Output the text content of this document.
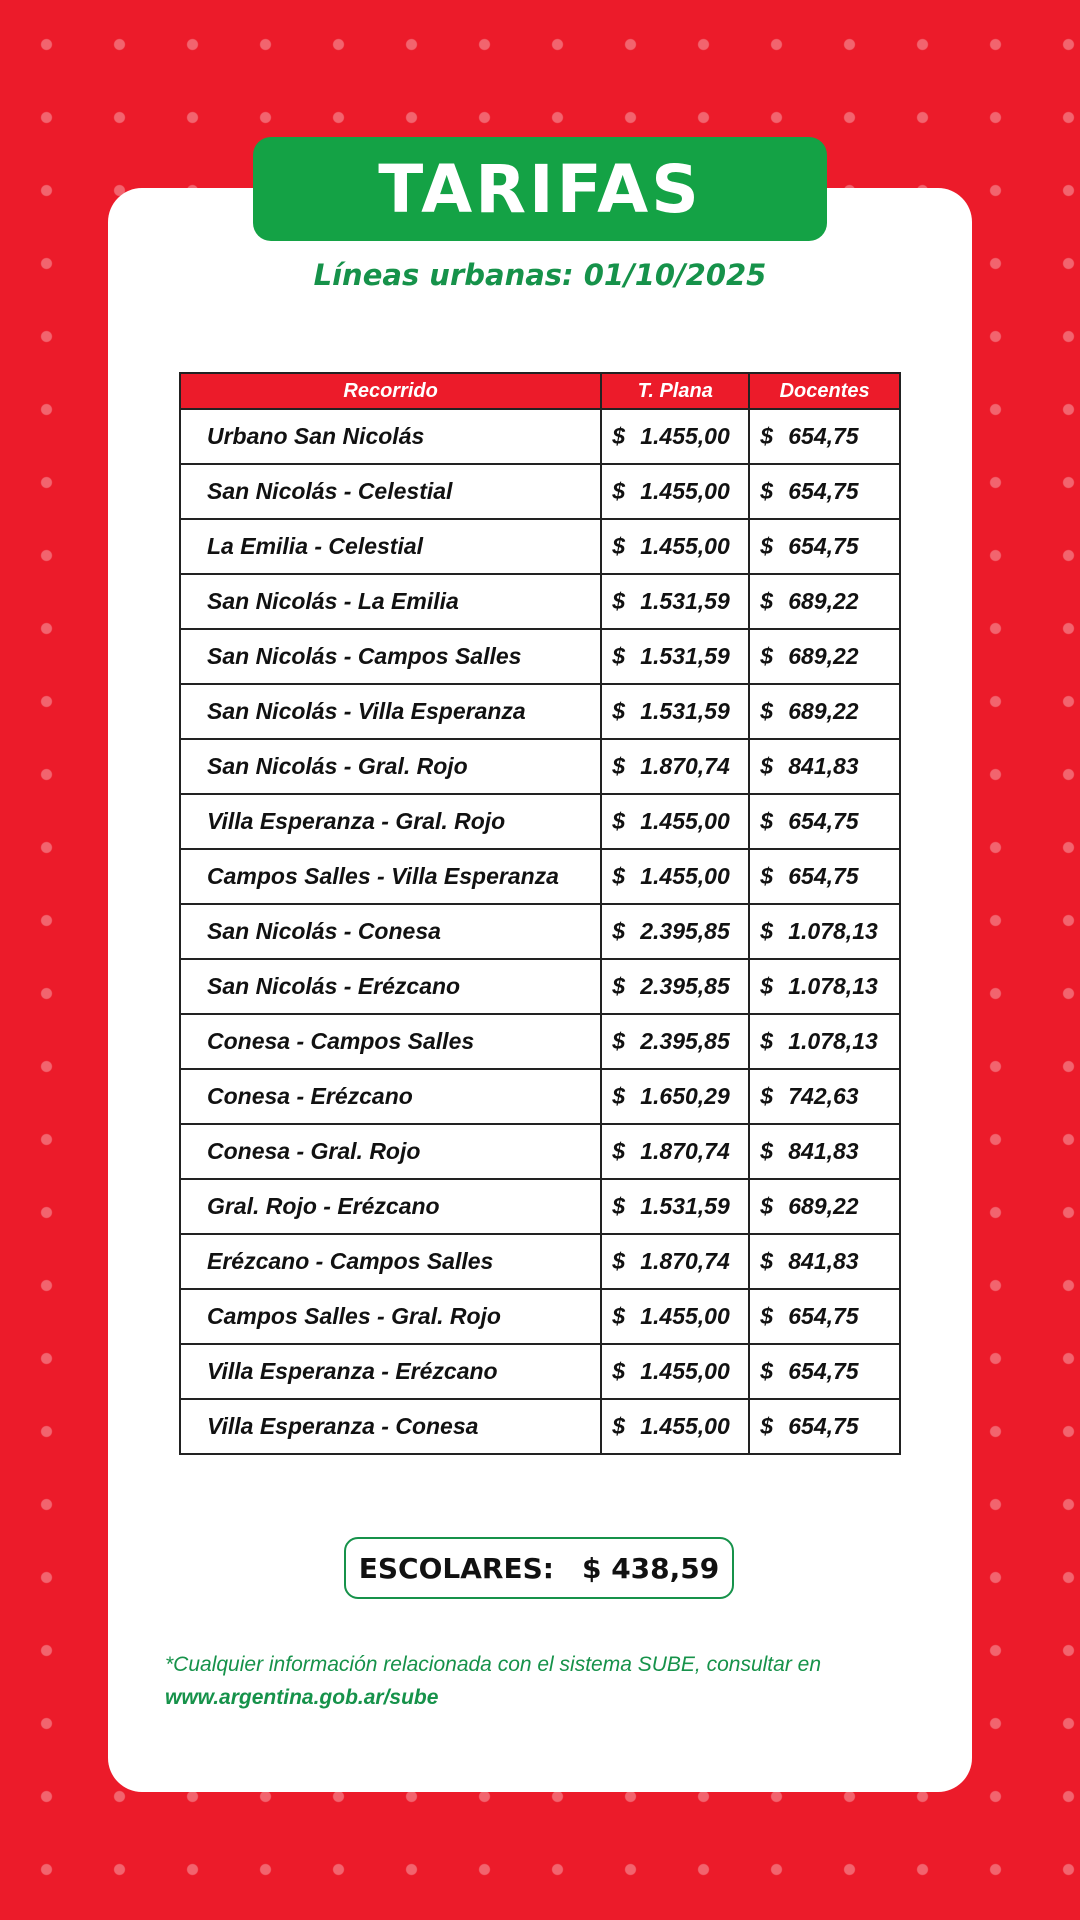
TARIFAS
Líneas urbanas: 01/10/2025
Recorrido	T. Plana	Docentes
Urbano San Nicolás	$ 1.455,00	$ 654,75

San Nicolás - Celestial	$ 1.455,00	$ 654,75

La Emilia - Celestial	$ 1.455,00	$ 654,75

San Nicolás - La Emilia	$ 1.531,59	$ 689,22

San Nicolás - Campos Salles	$ 1.531,59	$ 689,22

San Nicolás - Villa Esperanza	$ 1.531,59	$ 689,22

San Nicolás - Gral. Rojo	$ 1.870,74	$ 841,83

Villa Esperanza - Gral. Rojo	$ 1.455,00	$ 654,75

Campos Salles - Villa Esperanza	$ 1.455,00	$ 654,75

San Nicolás - Conesa	$ 2.395,85	$ 1.078,13

San Nicolás - Erézcano	$ 2.395,85	$ 1.078,13

Conesa - Campos Salles	$ 2.395,85	$ 1.078,13

Conesa - Erézcano	$ 1.650,29	$ 742,63

Conesa - Gral. Rojo	$ 1.870,74	$ 841,83

Gral. Rojo - Erézcano	$ 1.531,59	$ 689,22

Erézcano - Campos Salles	$ 1.870,74	$ 841,83

Campos Salles - Gral. Rojo	$ 1.455,00	$ 654,75

Villa Esperanza - Erézcano	$ 1.455,00	$ 654,75

Villa Esperanza - Conesa	$ 1.455,00	$ 654,75
ESCOLARES: $ 438,59
*Cualquier información relacionada con el sistema SUBE, consultar en
www.argentina.gob.ar/sube
